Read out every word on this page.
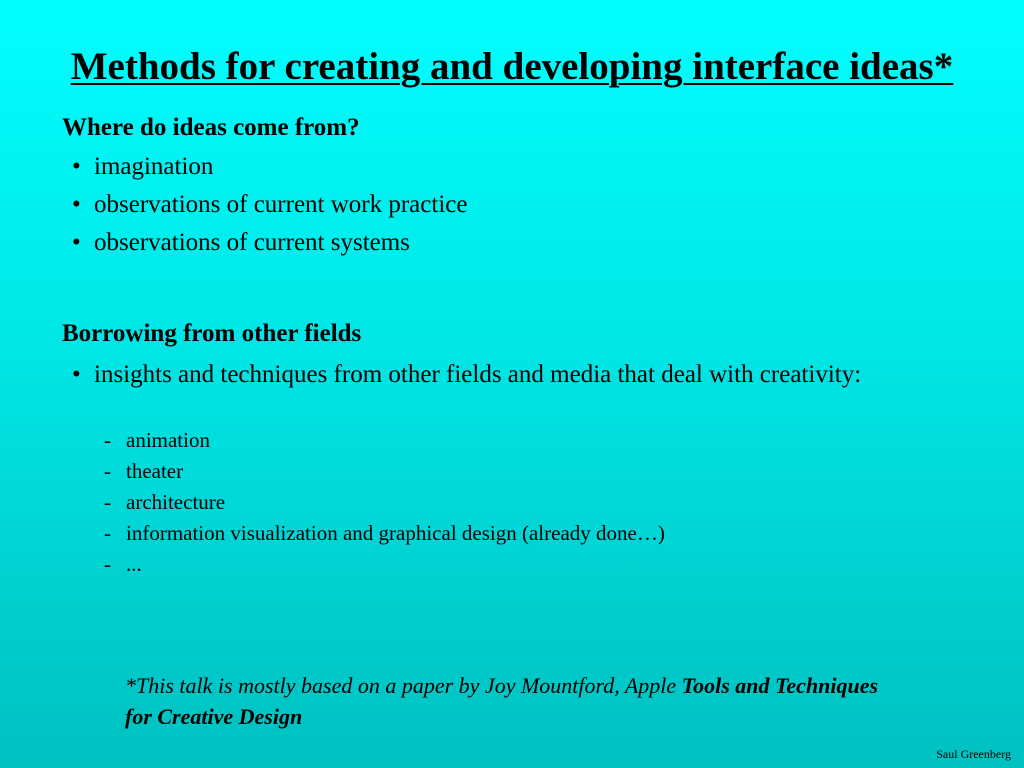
Methods for creating and developing interface ideas*
Where do ideas come from?
• imagination
• observations of current work practice
• observations of current systems
Borrowing from other fields
• insights and techniques from other fields and media that deal with creativity:
- animation
- theater
- architecture
- information visualization and graphical design (already done…)
- ...
*This talk is mostly based on a paper by Joy Mountford, Apple Tools and Techniques for Creative Design
Saul Greenberg
